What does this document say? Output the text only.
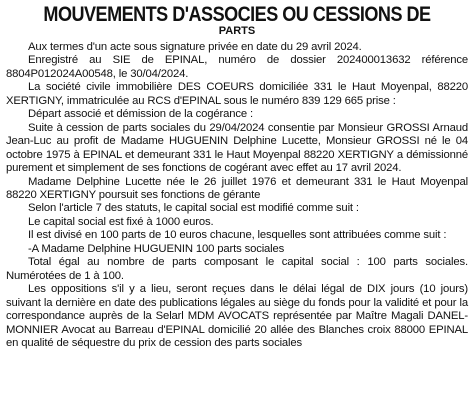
MOUVEMENTS D'ASSOCIES OU CESSIONS DE
PARTS

Aux termes d'un acte sous signature privée en date du 29 avril 2024.

Enregistré au SIE de EPINAL, numéro de dossier 202400013632 référence 8804P012024A00548, le 30/04/2024.

La société civile immobilière DES COEURS domiciliée 331 le Haut Moyenpal, 88220 XERTIGNY, immatriculée au RCS d'EPINAL sous le numéro 839 129 665 prise :

Départ associé et démission de la cogérance :

Suite à cession de parts sociales du 29/04/2024 consentie par Monsieur GROSSI Arnaud Jean-Luc au profit de Madame HUGUENIN Delphine Lucette, Monsieur GROSSI né le 04 octobre 1975 à EPINAL et demeurant 331 le Haut Moyenpal 88220 XERTIGNY a démissionné purement et simplement de ses fonctions de cogérant avec effet au 17 avril 2024.

Madame Delphine Lucette née le 26 juillet 1976 et demeurant 331 le Haut Moyenpal 88220 XERTIGNY poursuit ses fonctions de gérante

Selon l'article 7 des statuts, le capital social est modifié comme suit :

Le capital social est fixé à 1000 euros.

Il est divisé en 100 parts de 10 euros chacune, lesquelles sont attribuées comme suit :

-A Madame Delphine HUGUENIN 100 parts sociales

Total égal au nombre de parts composant le capital social : 100 parts sociales. Numérotées de 1 à 100.

Les oppositions s'il y a lieu, seront reçues dans le délai légal de DIX jours (10 jours) suivant la dernière en date des publications légales au siège du fonds pour la validité et pour la correspondance auprès de la Selarl MDM AVOCATS représentée par Maître Magali DANEL-MONNIER Avocat au Barreau d'EPINAL domicilié 20 allée des Blanches croix 88000 EPINAL en qualité de séquestre du prix de cession des parts sociales
